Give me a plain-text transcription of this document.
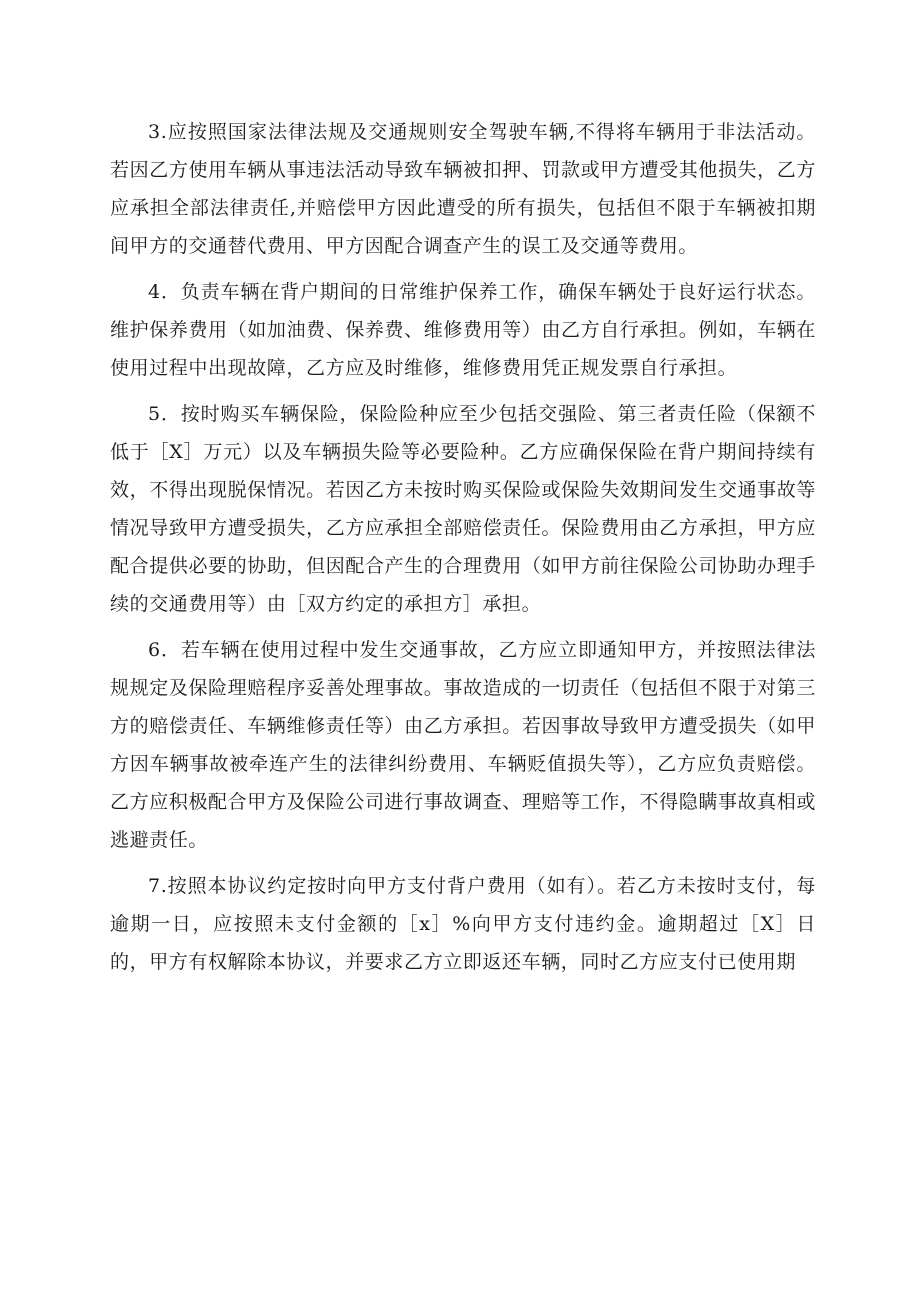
3.应按照国家法律法规及交通规则安全驾驶车辆,不得将车辆用于非法活动。若因乙方使用车辆从事违法活动导致车辆被扣押、罚款或甲方遭受其他损失，乙方应承担全部法律责任,并赔偿甲方因此遭受的所有损失，包括但不限于车辆被扣期间甲方的交通替代费用、甲方因配合调查产生的误工及交通等费用。

4．负责车辆在背户期间的日常维护保养工作，确保车辆处于良好运行状态。维护保养费用（如加油费、保养费、维修费用等）由乙方自行承担。例如，车辆在使用过程中出现故障，乙方应及时维修，维修费用凭正规发票自行承担。

5．按时购买车辆保险，保险险种应至少包括交强险、第三者责任险（保额不低于［X］万元）以及车辆损失险等必要险种。乙方应确保保险在背户期间持续有效，不得出现脱保情况。若因乙方未按时购买保险或保险失效期间发生交通事故等情况导致甲方遭受损失，乙方应承担全部赔偿责任。保险费用由乙方承担，甲方应配合提供必要的协助，但因配合产生的合理费用（如甲方前往保险公司协助办理手续的交通费用等）由［双方约定的承担方］承担。

6．若车辆在使用过程中发生交通事故，乙方应立即通知甲方，并按照法律法规规定及保险理赔程序妥善处理事故。事故造成的一切责任（包括但不限于对第三方的赔偿责任、车辆维修责任等）由乙方承担。若因事故导致甲方遭受损失（如甲方因车辆事故被牵连产生的法律纠纷费用、车辆贬值损失等），乙方应负责赔偿。乙方应积极配合甲方及保险公司进行事故调查、理赔等工作，不得隐瞒事故真相或逃避责任。

7.按照本协议约定按时向甲方支付背户费用（如有）。若乙方未按时支付，每逾期一日，应按照未支付金额的［x］%向甲方支付违约金。逾期超过［X］日的，甲方有权解除本协议，并要求乙方立即返还车辆，同时乙方应支付已使用期
